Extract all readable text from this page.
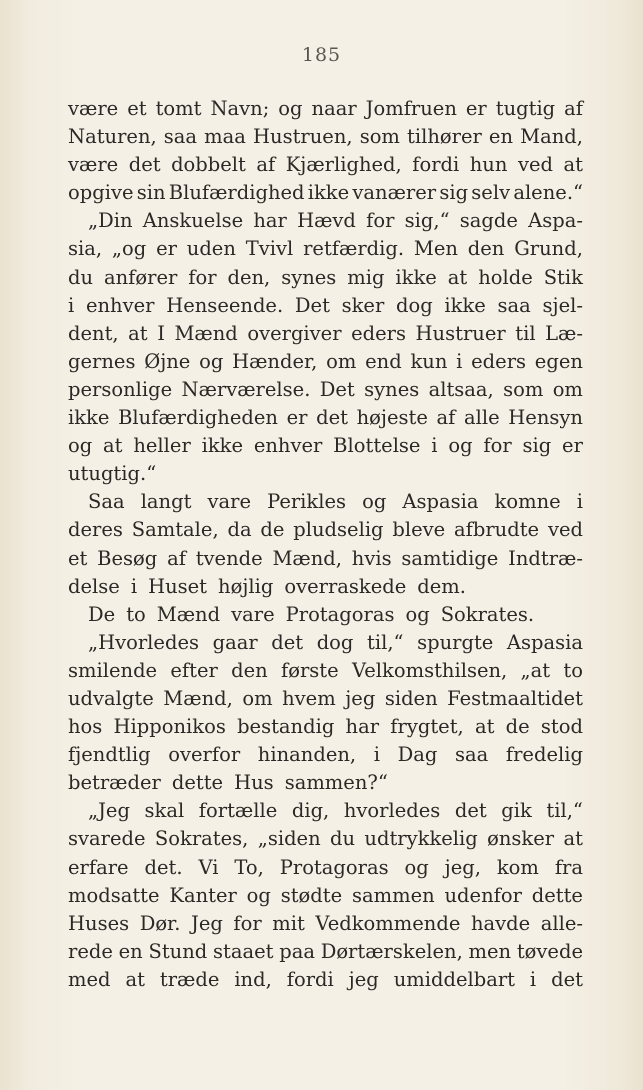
185
være et tomt Navn; og naar Jomfruen er tugtig af
Naturen, saa maa Hustruen, som tilhører en Mand,
være det dobbelt af Kjærlighed, fordi hun ved at
opgive sin Blufærdighed ikke vanærer sig selv alene.“
„Din Anskuelse har Hævd for sig,“ sagde Aspa-
sia, „og er uden Tvivl retfærdig. Men den Grund,
du anfører for den, synes mig ikke at holde Stik
i enhver Henseende. Det sker dog ikke saa sjel-
dent, at I Mænd overgiver eders Hustruer til Læ-
gernes Øjne og Hænder, om end kun i eders egen
personlige Nærværelse. Det synes altsaa, som om
ikke Blufærdigheden er det højeste af alle Hensyn
og at heller ikke enhver Blottelse i og for sig er
utugtig.“
Saa langt vare Perikles og Aspasia komne i
deres Samtale, da de pludselig bleve afbrudte ved
et Besøg af tvende Mænd, hvis samtidige Indtræ-
delse i Huset højlig overraskede dem.
De to Mænd vare Protagoras og Sokrates.
„Hvorledes gaar det dog til,“ spurgte Aspasia
smilende efter den første Velkomsthilsen, „at to
udvalgte Mænd, om hvem jeg siden Festmaaltidet
hos Hipponikos bestandig har frygtet, at de stod
fjendtlig overfor hinanden, i Dag saa fredelig
betræder dette Hus sammen?“
„Jeg skal fortælle dig, hvorledes det gik til,“
svarede Sokrates, „siden du udtrykkelig ønsker at
erfare det. Vi To, Protagoras og jeg, kom fra
modsatte Kanter og stødte sammen udenfor dette
Huses Dør. Jeg for mit Vedkommende havde alle-
rede en Stund staaet paa Dørtærskelen, men tøvede
med at træde ind, fordi jeg umiddelbart i det
